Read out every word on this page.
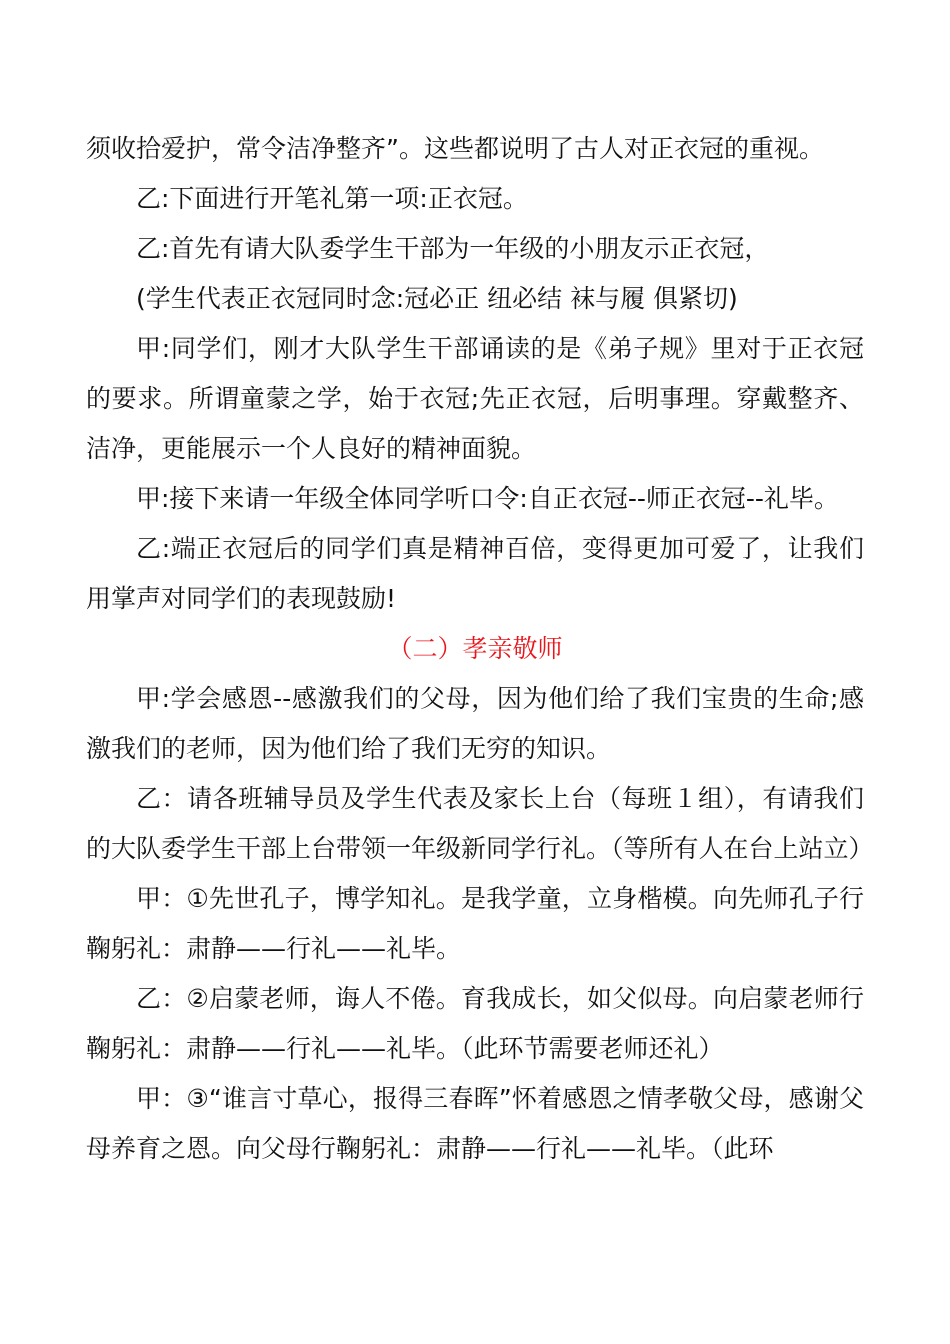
须收拾爱护，常令洁净整齐”。这些都说明了古人对正衣冠的重视。

乙:下面进行开笔礼第一项:正衣冠。

乙:首先有请大队委学生干部为一年级的小朋友示正衣冠，

(学生代表正衣冠同时念:冠必正 纽必结 袜与履 俱紧切)

甲:同学们，刚才大队学生干部诵读的是《弟子规》里对于正衣冠的要求。所谓童蒙之学，始于衣冠;先正衣冠，后明事理。穿戴整齐、洁净，更能展示一个人良好的精神面貌。

甲:接下来请一年级全体同学听口令:自正衣冠--师正衣冠--礼毕。

乙:端正衣冠后的同学们真是精神百倍，变得更加可爱了，让我们用掌声对同学们的表现鼓励!

（二）孝亲敬师

甲:学会感恩--感激我们的父母，因为他们给了我们宝贵的生命;感激我们的老师，因为他们给了我们无穷的知识。

乙：请各班辅导员及学生代表及家长上台（每班１组），有请我们的大队委学生干部上台带领一年级新同学行礼。（等所有人在台上站立）

甲：①先世孔子，博学知礼。是我学童，立身楷模。向先师孔子行鞠躬礼：肃静——行礼——礼毕。

乙：②启蒙老师，诲人不倦。育我成长，如父似母。向启蒙老师行鞠躬礼：肃静——行礼——礼毕。（此环节需要老师还礼）

甲：③“谁言寸草心，报得三春晖”怀着感恩之情孝敬父母，感谢父母养育之恩。向父母行鞠躬礼：肃静——行礼——礼毕。（此环
